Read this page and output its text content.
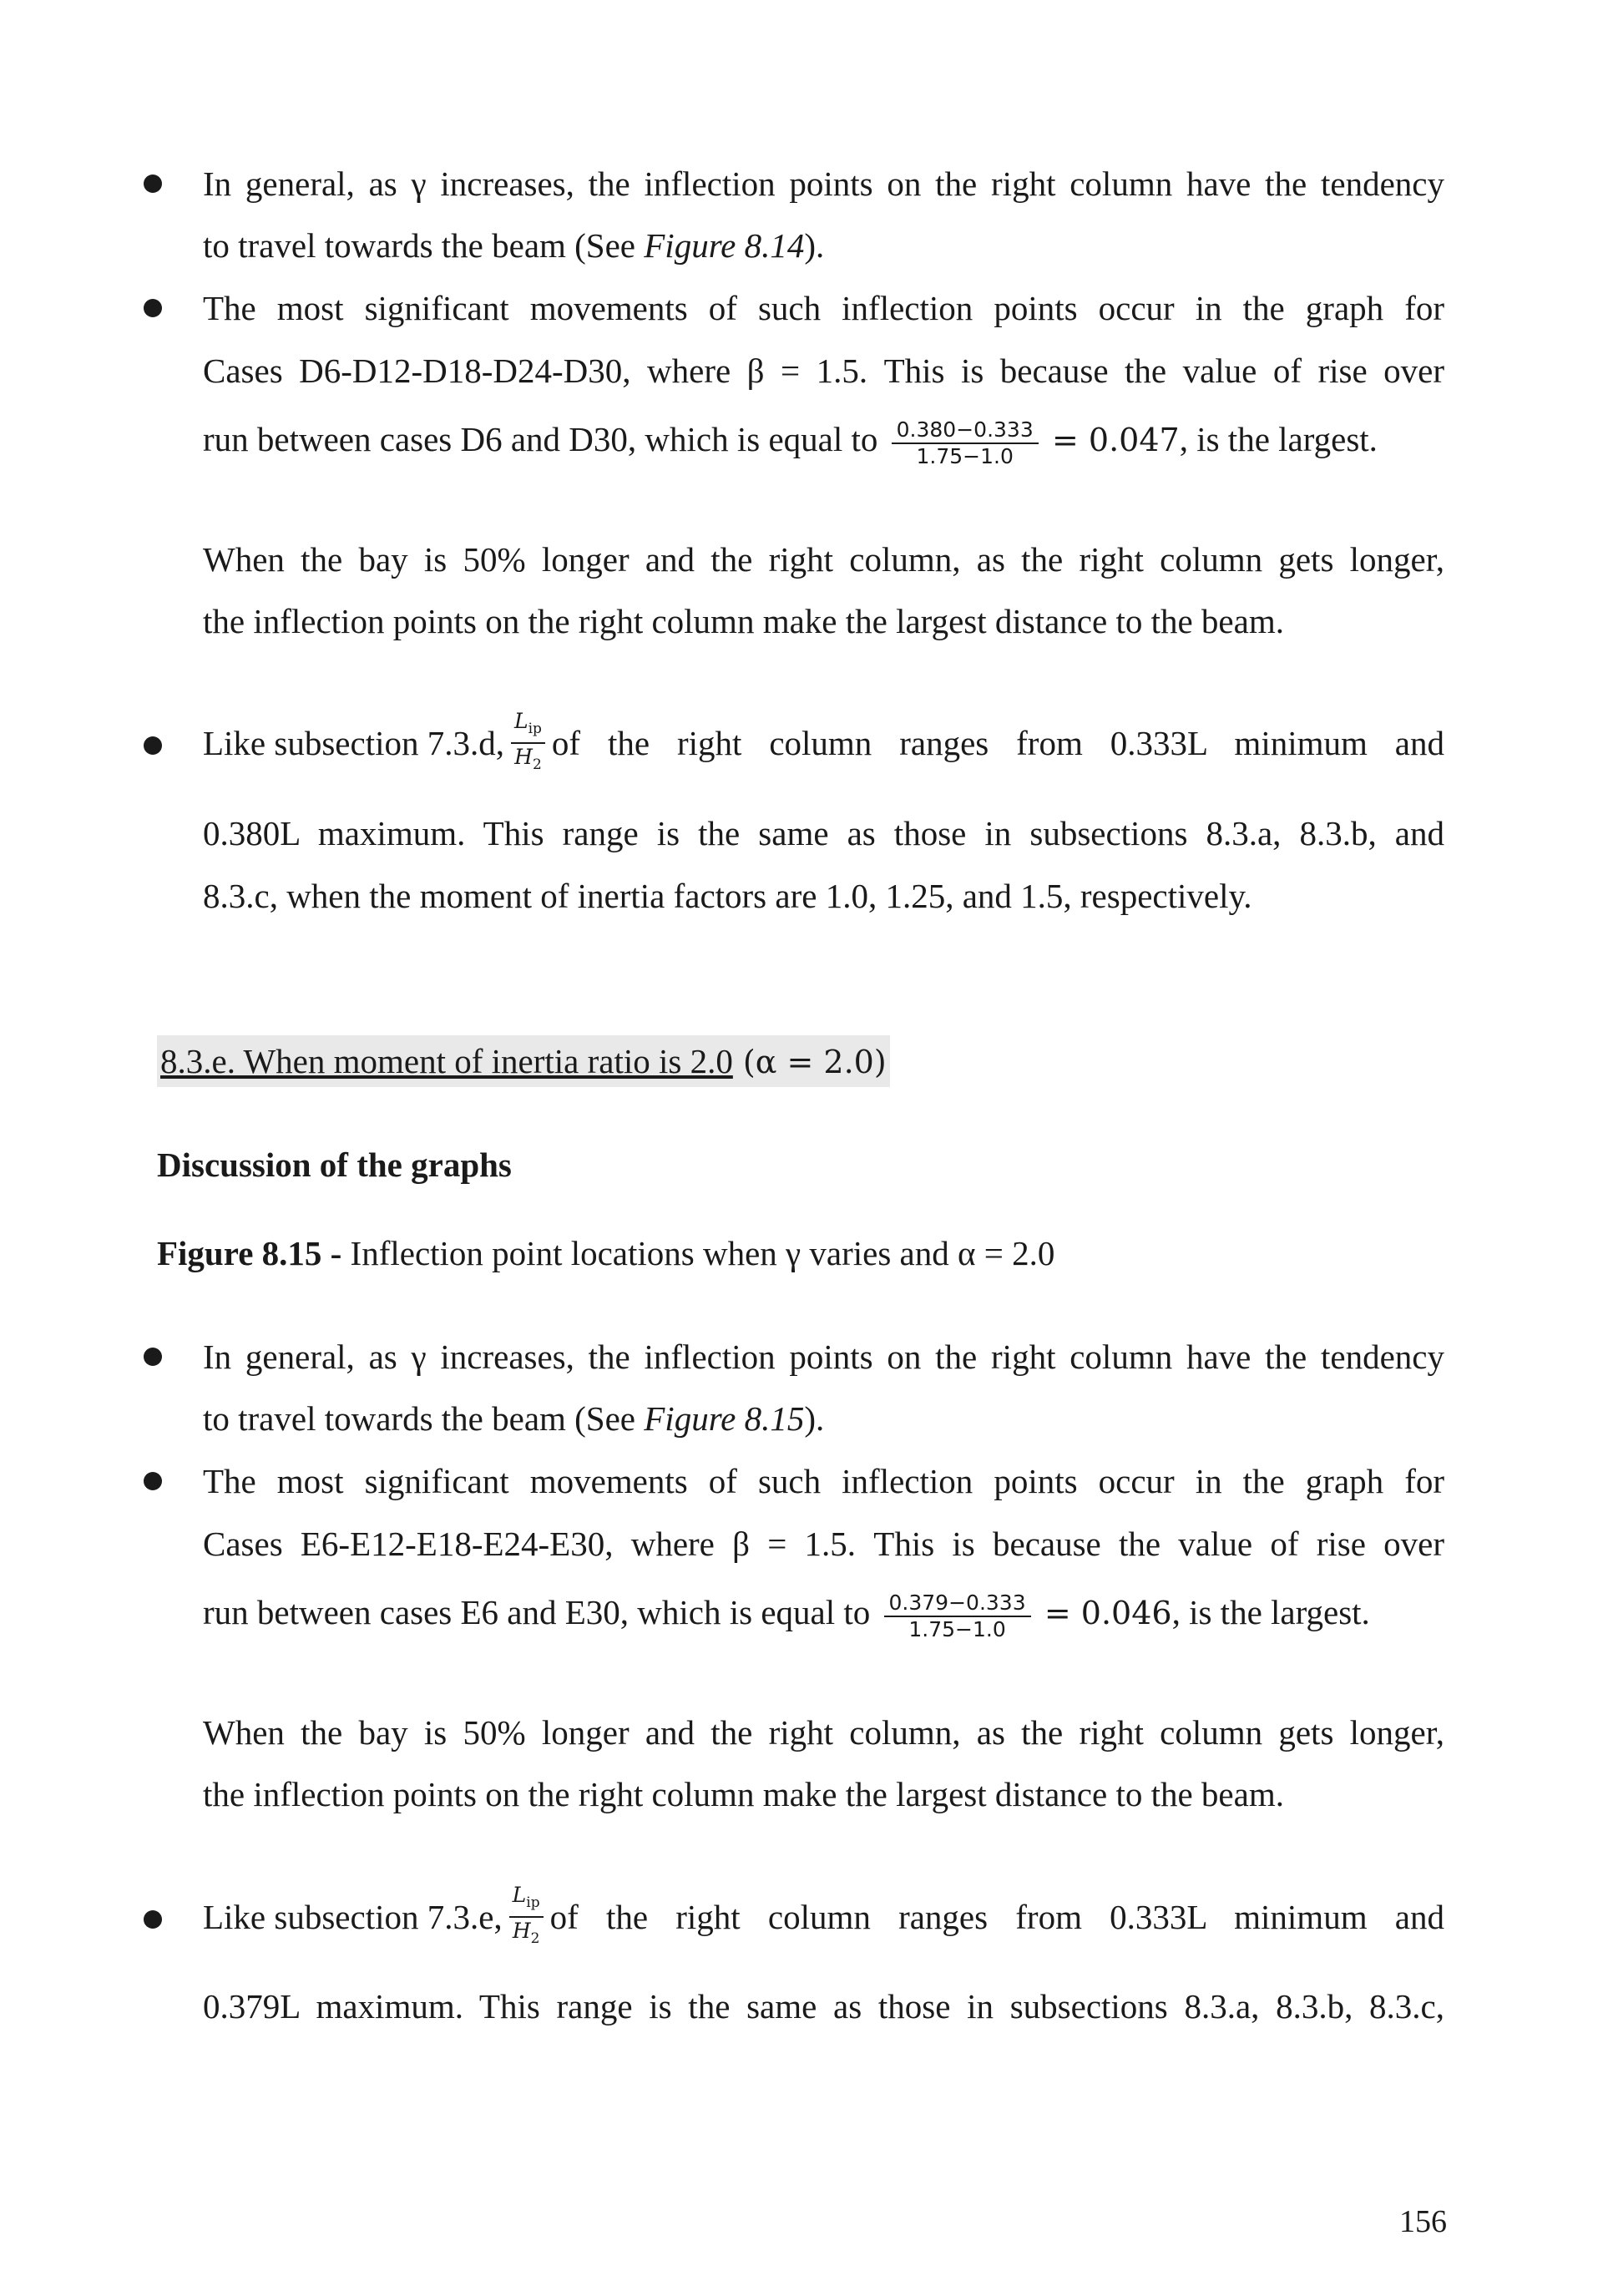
In general, as γ increases, the inflection points on the right column have the tendency
to travel towards the beam (See Figure 8.14).
The most significant movements of such inflection points occur in the graph for
Cases D6-D12-D18-D24-D30, where β = 1.5. This is because the value of rise over
run between cases D6 and D30, which is equal to $\frac{0.380-0.333}{1.75-1.0} = 0.047$, is the largest.
When the bay is 50% longer and the right column, as the right column gets longer,
the inflection points on the right column make the largest distance to the beam.
Like subsection 7.3.d, $\frac{L_{ip}}{H_2}$ of the right column ranges from 0.333L minimum and
0.380L maximum. This range is the same as those in subsections 8.3.a, 8.3.b, and
8.3.c, when the moment of inertia factors are 1.0, 1.25, and 1.5, respectively.
8.3.e. When moment of inertia ratio is 2.0 (α = 2.0)
Discussion of the graphs
Figure 8.15 - Inflection point locations when γ varies and α = 2.0
In general, as γ increases, the inflection points on the right column have the tendency
to travel towards the beam (See Figure 8.15).
The most significant movements of such inflection points occur in the graph for
Cases E6-E12-E18-E24-E30, where β = 1.5. This is because the value of rise over
run between cases E6 and E30, which is equal to $\frac{0.379-0.333}{1.75-1.0} = 0.046$, is the largest.
When the bay is 50% longer and the right column, as the right column gets longer,
the inflection points on the right column make the largest distance to the beam.
Like subsection 7.3.e, $\frac{L_{ip}}{H_2}$ of the right column ranges from 0.333L minimum and
0.379L maximum. This range is the same as those in subsections 8.3.a, 8.3.b, 8.3.c,
156
